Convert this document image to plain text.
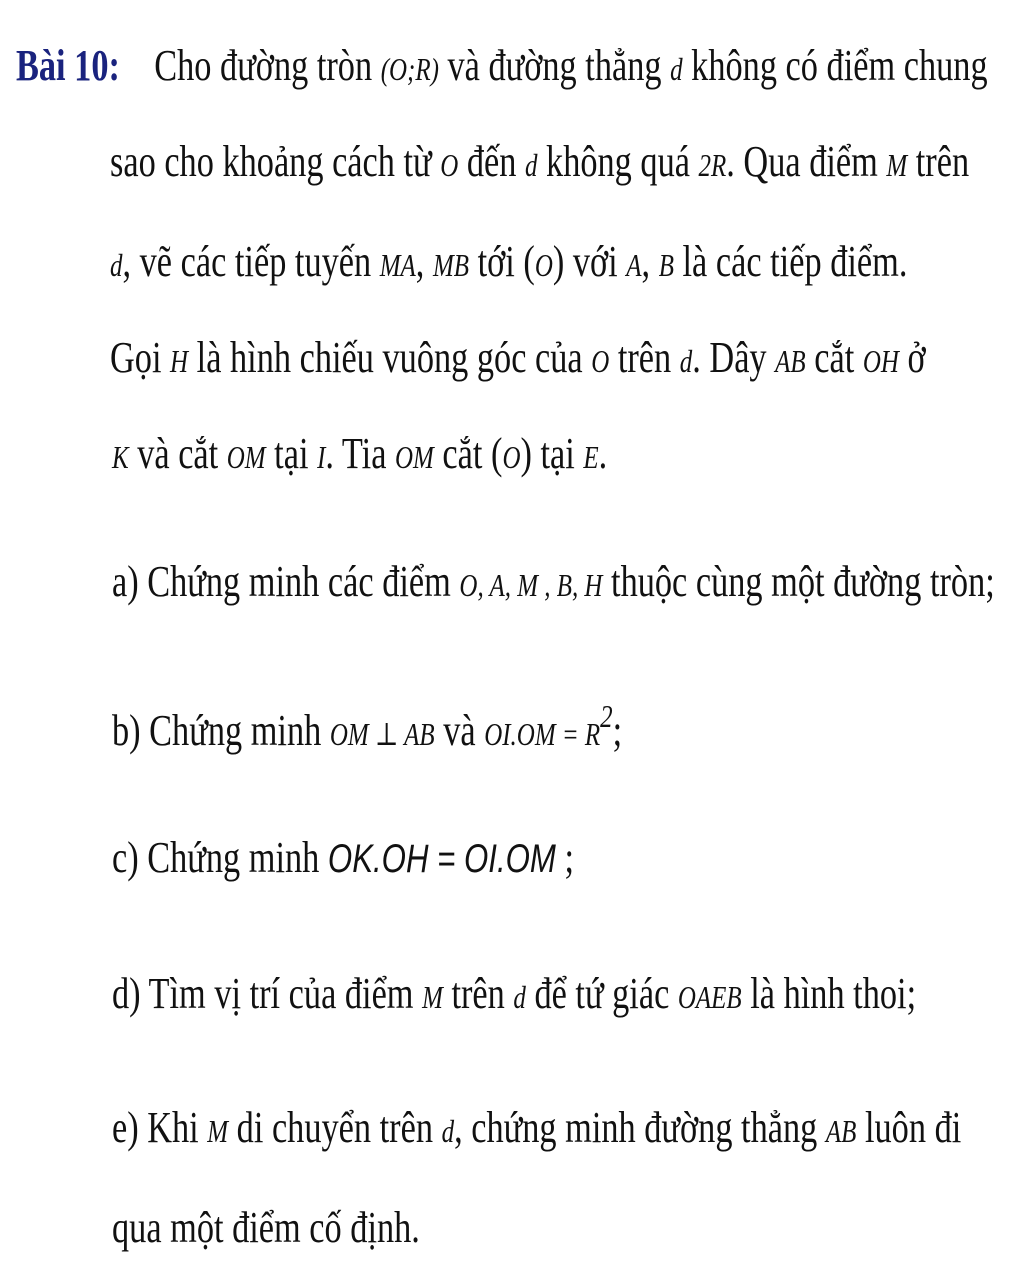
Bài 10: Cho đường tròn (O;R) và đường thẳng d không có điểm chung
sao cho khoảng cách từ O đến d không quá 2R. Qua điểm M trên
d, vẽ các tiếp tuyến MA, MB tới (O) với A, B là các tiếp điểm.
Gọi H là hình chiếu vuông góc của O trên d. Dây AB cắt OH ở
K và cắt OM tại I. Tia OM cắt (O) tại E.
a) Chứng minh các điểm O, A, M , B, H thuộc cùng một đường tròn;
b) Chứng minh OM ⊥ AB và $OI.OM = R^2$;
c) Chứng minh OK.OH = OI.OM ;
d) Tìm vị trí của điểm M trên d để tứ giác OAEB là hình thoi;
e) Khi M di chuyển trên d, chứng minh đường thẳng AB luôn đi
qua một điểm cố định.
